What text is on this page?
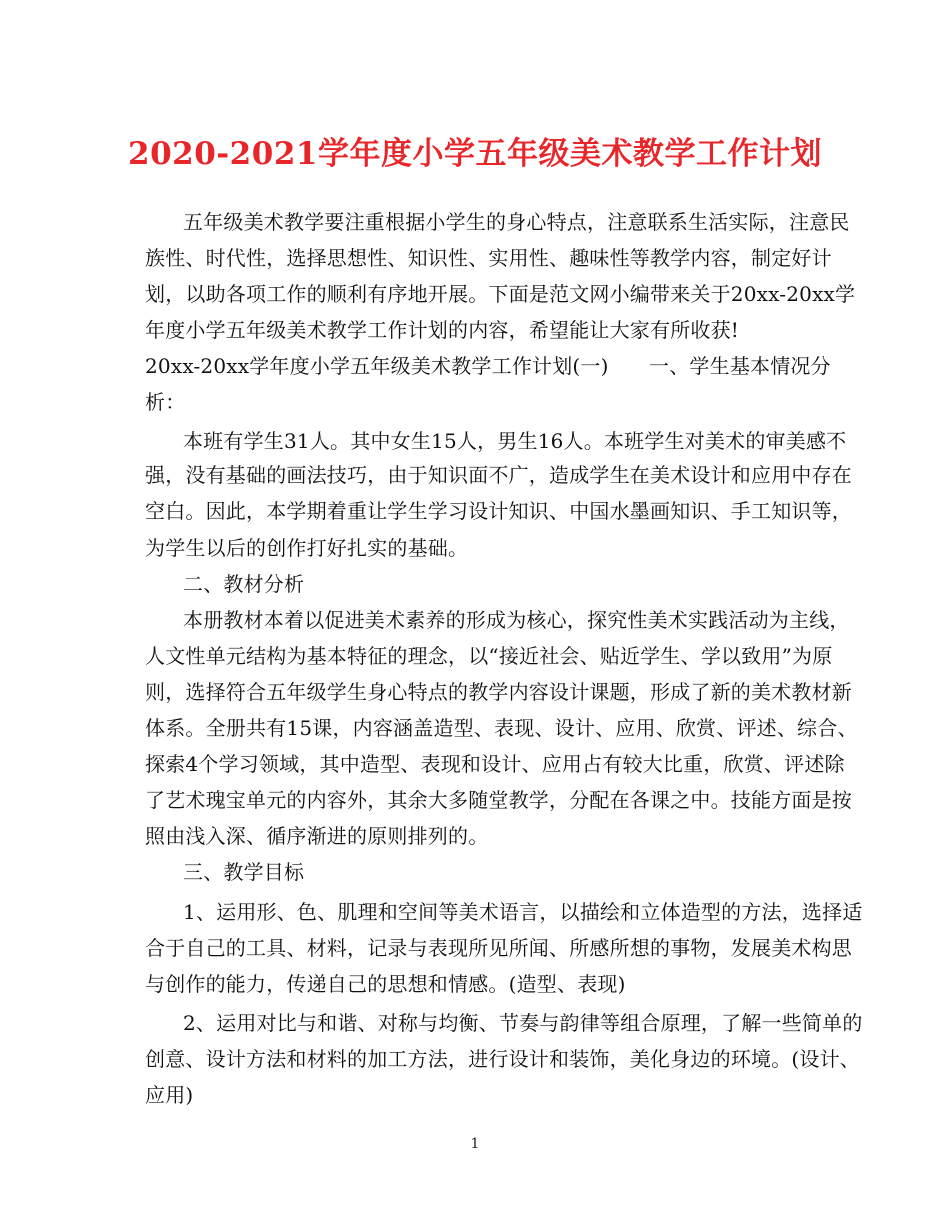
2020-2021学年度小学五年级美术教学工作计划
五年级美术教学要注重根据小学生的身心特点，注意联系生活实际，注意民
族性、时代性，选择思想性、知识性、实用性、趣味性等教学内容，制定好计
划，以助各项工作的顺利有序地开展。下面是范文网小编带来关于20xx-20xx学
年度小学五年级美术教学工作计划的内容，希望能让大家有所收获!
20xx-20xx学年度小学五年级美术教学工作计划(一)　　一、学生基本情况分
析：
本班有学生31人。其中女生15人，男生16人。本班学生对美术的审美感不
强，没有基础的画法技巧，由于知识面不广，造成学生在美术设计和应用中存在
空白。因此，本学期着重让学生学习设计知识、中国水墨画知识、手工知识等，
为学生以后的创作打好扎实的基础。
二、教材分析
本册教材本着以促进美术素养的形成为核心，探究性美术实践活动为主线，
人文性单元结构为基本特征的理念，以“接近社会、贴近学生、学以致用”为原
则，选择符合五年级学生身心特点的教学内容设计课题，形成了新的美术教材新
体系。全册共有15课，内容涵盖造型、表现、设计、应用、欣赏、评述、综合、
探索4个学习领域，其中造型、表现和设计、应用占有较大比重，欣赏、评述除
了艺术瑰宝单元的内容外，其余大多随堂教学，分配在各课之中。技能方面是按
照由浅入深、循序渐进的原则排列的。
三、教学目标
1、运用形、色、肌理和空间等美术语言，以描绘和立体造型的方法，选择适
合于自己的工具、材料，记录与表现所见所闻、所感所想的事物，发展美术构思
与创作的能力，传递自己的思想和情感。(造型、表现)
2、运用对比与和谐、对称与均衡、节奏与韵律等组合原理，了解一些简单的
创意、设计方法和材料的加工方法，进行设计和装饰，美化身边的环境。(设计、
应用)
1
